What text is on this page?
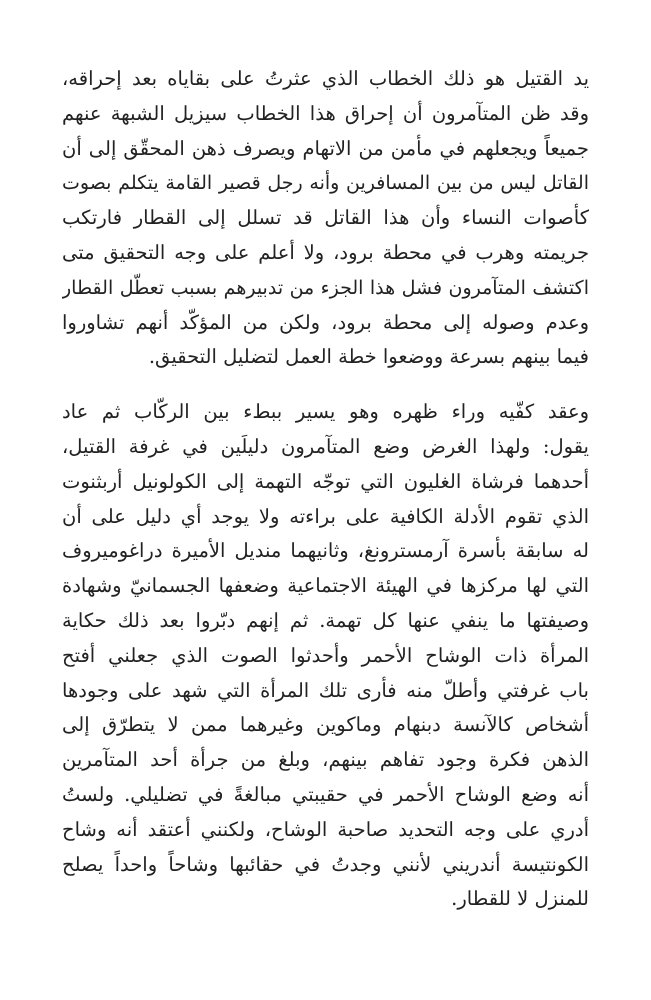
يد القتيل هو ذلك الخطاب الذي عثرتُ على بقاياه بعد إحراقه،
وقد ظن المتآمرون أن إحراق هذا الخطاب سيزيل الشبهة عنهم
جميعاً ويجعلهم في مأمن من الاتهام ويصرف ذهن المحقّق إلى أن
القاتل ليس من بين المسافرين وأنه رجل قصير القامة يتكلم بصوت
كأصوات النساء وأن هذا القاتل قد تسلل إلى القطار فارتكب
جريمته وهرب في محطة برود، ولا أعلم على وجه التحقيق متى
اكتشف المتآمرون فشل هذا الجزء من تدبيرهم بسبب تعطّل القطار
وعدم وصوله إلى محطة برود، ولكن من المؤكّد أنهم تشاوروا
فيما بينهم بسرعة ووضعوا خطة العمل لتضليل التحقيق.
وعقد كفّيه وراء ظهره وهو يسير ببطء بين الركّاب ثم عاد
يقول: ولهذا الغرض وضع المتآمرون دليلَين في غرفة القتيل،
أحدهما فرشاة الغليون التي توجّه التهمة إلى الكولونيل أربثنوت
الذي تقوم الأدلة الكافية على براءته ولا يوجد أي دليل على أن
له سابقة بأسرة آرمسترونغ، وثانيهما منديل الأميرة دراغوميروف
التي لها مركزها في الهيئة الاجتماعية وضعفها الجسمانيّ وشهادة
وصيفتها ما ينفي عنها كل تهمة. ثم إنهم دبّروا بعد ذلك حكاية
المرأة ذات الوشاح الأحمر وأحدثوا الصوت الذي جعلني أفتح
باب غرفتي وأطلّ منه فأرى تلك المرأة التي شهد على وجودها
أشخاص كالآنسة دبنهام وماكوين وغيرهما ممن لا يتطرّق إلى
الذهن فكرة وجود تفاهم بينهم، وبلغ من جرأة أحد المتآمرين
أنه وضع الوشاح الأحمر في حقيبتي مبالغةً في تضليلي. ولستُ
أدري على وجه التحديد صاحبة الوشاح، ولكنني أعتقد أنه وشاح
الكونتيسة أندريني لأنني وجدتُ في حقائبها وشاحاً واحداً يصلح
للمنزل لا للقطار.
